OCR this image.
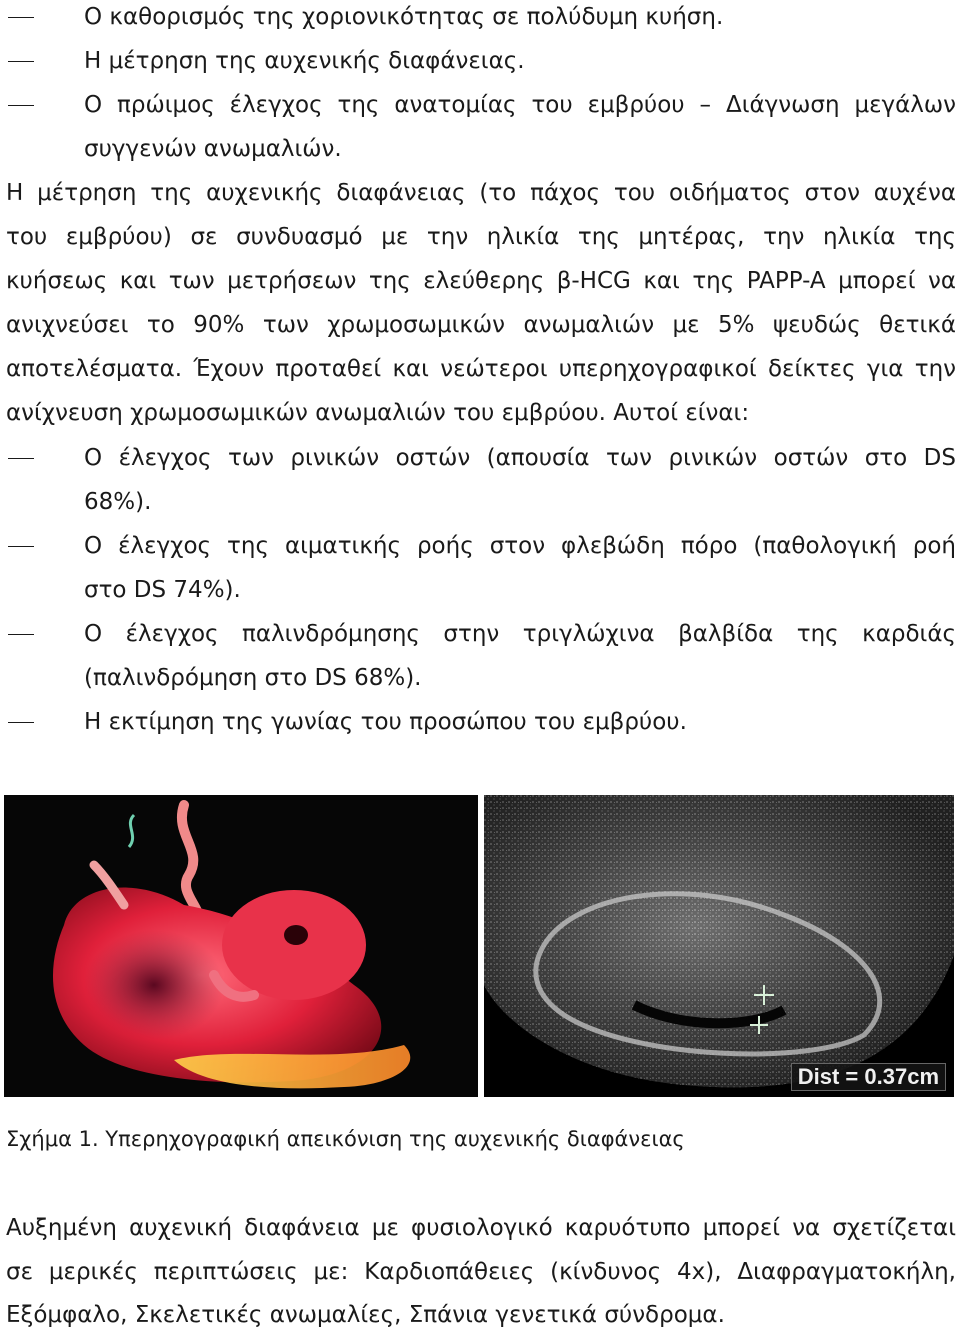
Ο καθορισμός της χοριονικότητας σε πολύδυμη κυήση.
Η μέτρηση της αυχενικής διαφάνειας.
Ο πρώιμος έλεγχος της ανατομίας του εμβρύου – Διάγνωση μεγάλων
συγγενών ανωμαλιών.
Η μέτρηση της αυχενικής διαφάνειας (το πάχος του οιδήματος στον αυχένα
του εμβρύου) σε συνδυασμό με την ηλικία της μητέρας, την ηλικία της
κυήσεως και των μετρήσεων της ελεύθερης β-HCG και της PAPP-A μπορεί να
ανιχνεύσει το 90% των χρωμοσωμικών ανωμαλιών με 5% ψευδώς θετικά
αποτελέσματα. Έχουν προταθεί και νεώτεροι υπερηχογραφικοί δείκτες για την
ανίχνευση χρωμοσωμικών ανωμαλιών του εμβρύου. Αυτοί είναι:
Ο έλεγχος των ρινικών οστών (απουσία των ρινικών οστών στο DS
68%).
Ο έλεγχος της αιματικής ροής στον φλεβώδη πόρο (παθολογική ροή
στο DS 74%).
Ο έλεγχος παλινδρόμησης στην τριγλώχινα βαλβίδα της καρδιάς
(παλινδρόμηση στο DS 68%).
Η εκτίμηση της γωνίας του προσώπου του εμβρύου.
Dist = 0.37cm
Σχήμα 1. Υπερηχογραφική απεικόνιση της αυχενικής διαφάνειας
Αυξημένη αυχενική διαφάνεια με φυσιολογικό καρυότυπο μπορεί να σχετίζεται
σε μερικές περιπτώσεις με: Καρδιοπάθειες (κίνδυνος 4x), Διαφραγματοκήλη,
Εξόμφαλο, Σκελετικές ανωμαλίες, Σπάνια γενετικά σύνδρομα.
